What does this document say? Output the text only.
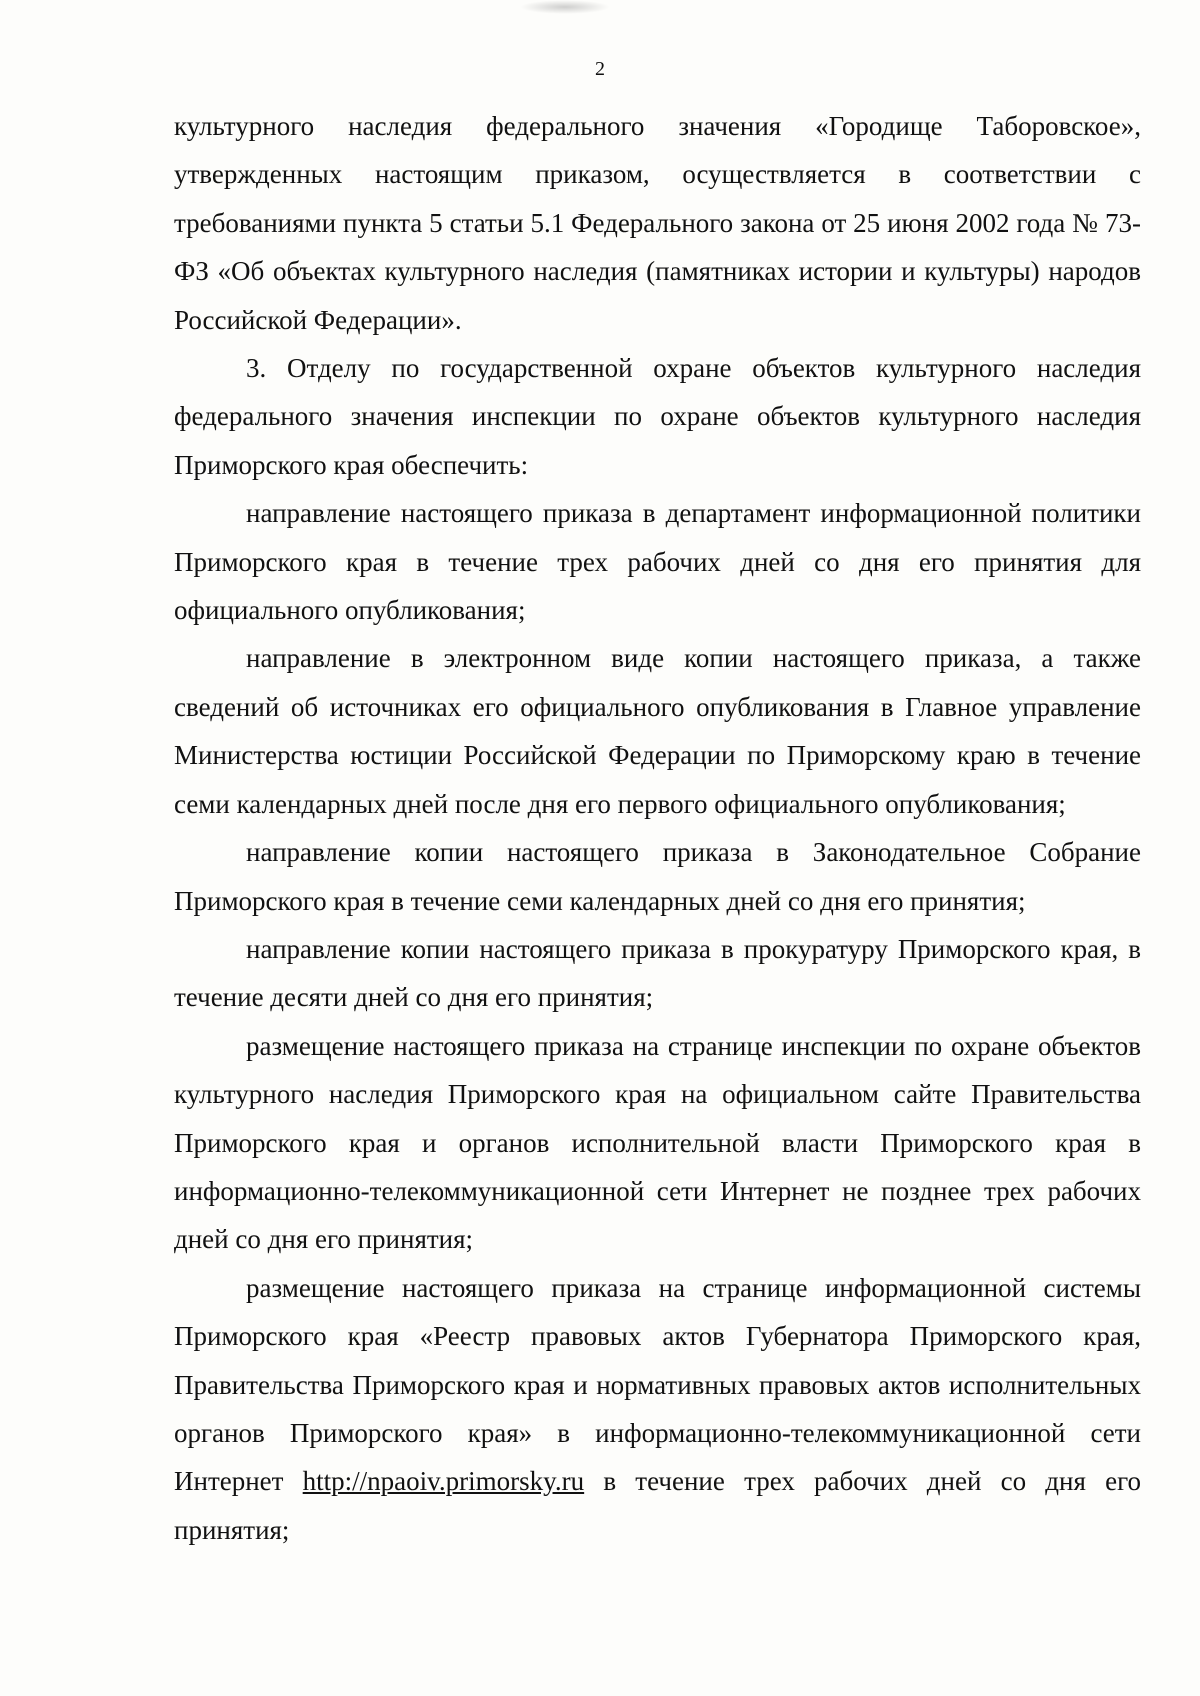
2

культурного наследия федерального значения «Городище Таборовское», утвержденных настоящим приказом, осуществляется в соответствии с требованиями пункта 5 статьи 5.1 Федерального закона от 25 июня 2002 года № 73-ФЗ «Об объектах культурного наследия (памятниках истории и культуры) народов Российской Федерации».

3. Отделу по государственной охране объектов культурного наследия федерального значения инспекции по охране объектов культурного наследия Приморского края обеспечить:

направление настоящего приказа в департамент информационной политики Приморского края в течение трех рабочих дней со дня его принятия для официального опубликования;

направление в электронном виде копии настоящего приказа, а также сведений об источниках его официального опубликования в Главное управление Министерства юстиции Российской Федерации по Приморскому краю в течение семи календарных дней после дня его первого официального опубликования;

направление копии настоящего приказа в Законодательное Собрание Приморского края в течение семи календарных дней со дня его принятия;

направление копии настоящего приказа в прокуратуру Приморского края, в течение десяти дней со дня его принятия;

размещение настоящего приказа на странице инспекции по охране объектов культурного наследия Приморского края на официальном сайте Правительства Приморского края и органов исполнительной власти Приморского края в информационно-телекоммуникационной сети Интернет не позднее трех рабочих дней со дня его принятия;

размещение настоящего приказа на странице информационной системы Приморского края «Реестр правовых актов Губернатора Приморского края, Правительства Приморского края и нормативных правовых актов исполнительных органов Приморского края» в информационно-телекоммуникационной сети Интернет http://npaoiv.primorsky.ru в течение трех рабочих дней со дня его принятия;
